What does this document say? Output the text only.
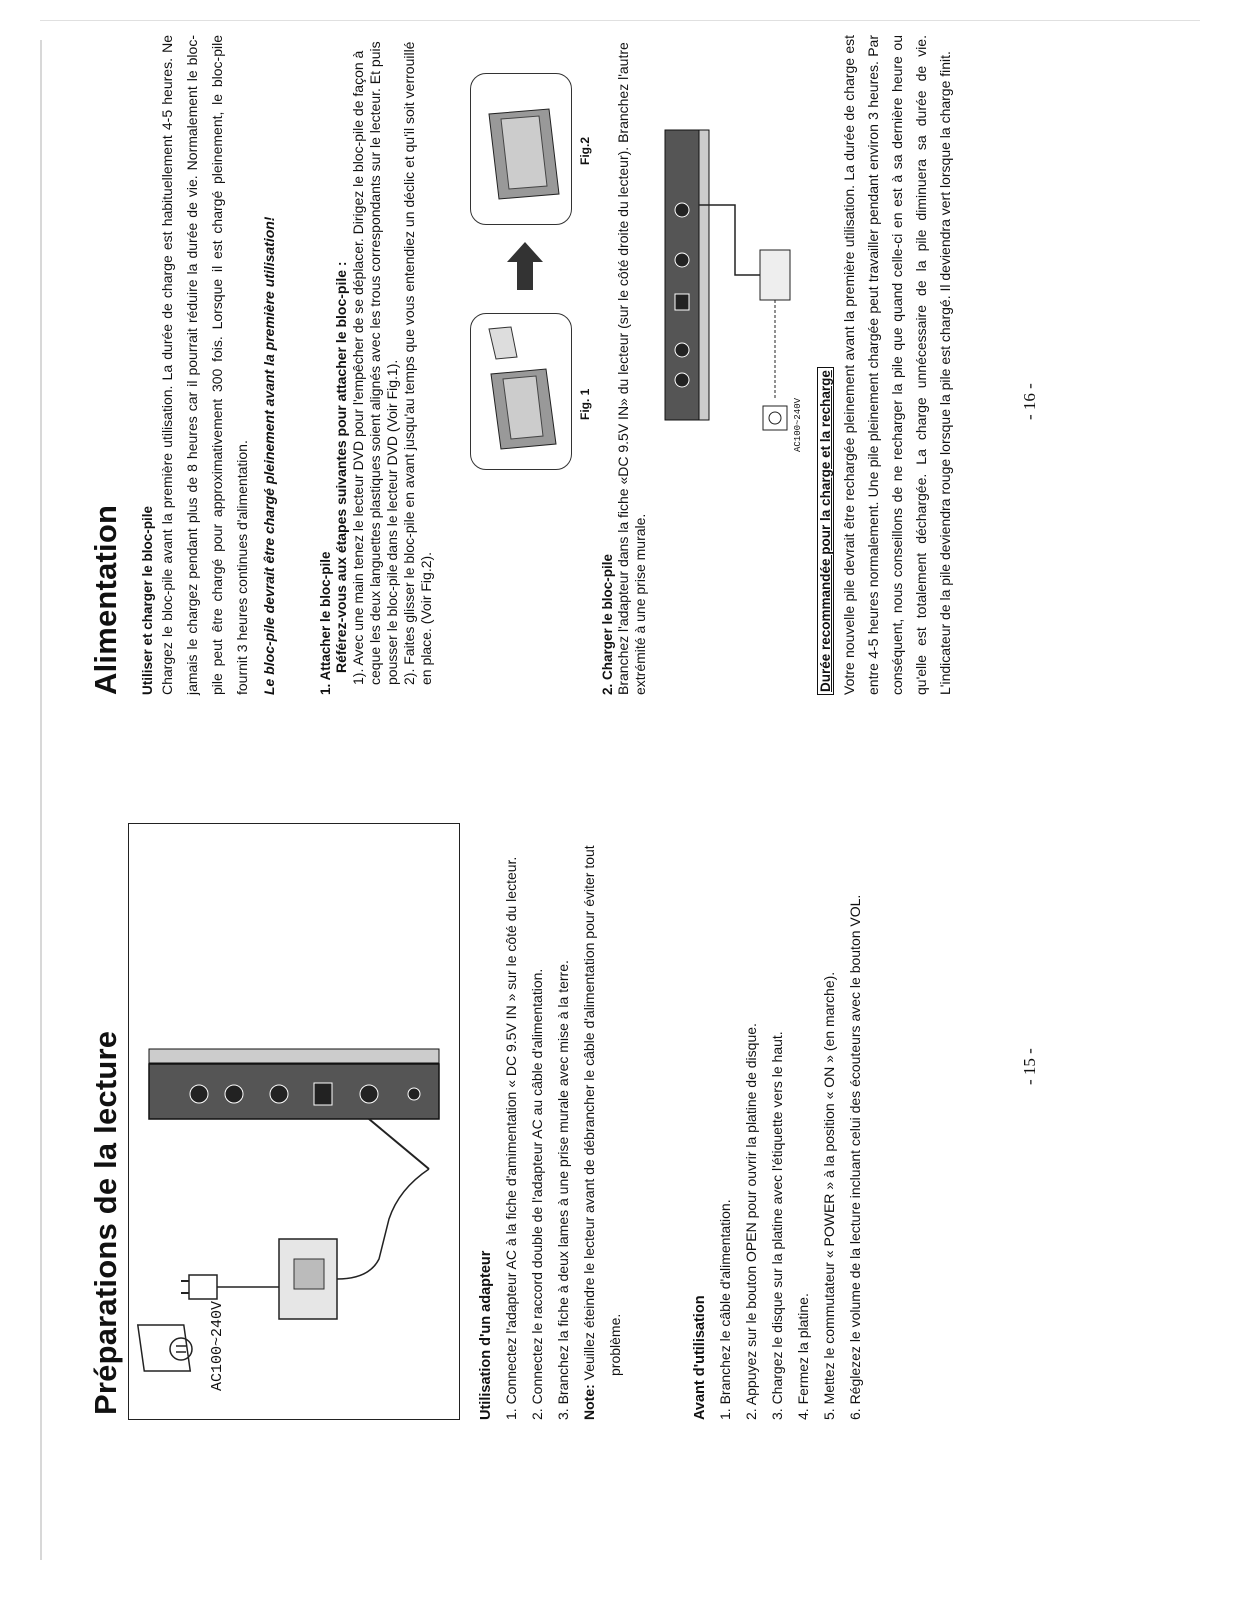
Préparations de la lecture	AC100~240V	Utilisation d'un adapteur 1. Connectez l'adapteur AC à la fiche d'amimentation « DC 9.5V IN » sur le côté du lecteur. 2. Connectez le raccord double de l'adapteur AC au câble d'alimentation. 3. Branchez la fiche à deux lames à une prise murale avec mise à la terre. Note: Veuillez éteindre le lecteur avant de débrancher le câble d'alimentation pour éviter tout problème.	Avant d'utilisation 1. Branchez le câble d'alimentation. 2. Appuyez sur le bouton OPEN pour ouvrir la platine de disque. 3. Chargez le disque sur la platine avec l'étiquette vers le haut. 4. Fermez la platine. 5. Mettez le commutateur « POWER » à la position « ON » (en marche). 6. Réglezez le volume de la lecture incluant celui des écouteurs avec le bouton VOL.	- 15 -
Alimentation Utiliser et charger le bloc-pile Chargez le bloc-pile avant la première utilisation. La durée de charge est habituellement 4-5 heures. Ne jamais le chargez pendant plus de 8 heures car il pourrait réduire la durée de vie. Normalement le bloc-pile peut être chargé pour approximativement 300 fois. Lorsque il est chargé pleinement, le bloc-pile fournit 3 heures continues d'alimentation. Le bloc-pile devrait être chargé pleinement avant la première utilisation!	1. Attacher le bloc-pile Référez-vous aux étapes suivantes pour attacher le bloc-pile : 1). Avec une main tenez le lecteur DVD pour l'empêcher de se déplacer. Dirigez le bloc-pile de façon à ceque les deux languettes plastiques soient alignés avec les trous correspondants sur le lecteur. Et puis pousser le bloc-pile dans le lecteur DVD (Voir Fig.1). 2). Faites glisser le bloc-pile en avant jusqu'au temps que vous entendiez un déclic et qu'il soit verrouillé en place. (Voir Fig.2).

Fig. 1
Fig.2
2. Charger le bloc-pile Branchez l'adapteur dans la fiche «DC 9.5V IN» du lecteur (sur le côté droite du lecteur). Branchez l'autre extrémité à une prise murale.

AC100~240V Durée recommandée pour la charge et la recharge Votre nouvelle pile devrait être rechargée pleinement avant la première utilisation. La durée de charge est entre 4-5 heures normalement. Une pile pleinement chargée peut travailler pendant environ 3 heures. Par conséquent, nous conseillons de ne recharger la pile que quand celle-ci en est à sa dernière heure ou qu'elle est totalement déchargée. La charge unnécessaire de la pile diminuera sa durée de vie. L'indicateur de la pile deviendra rouge lorsque la pile est chargé. Il deviendra vert lorsque la charge finit.	- 16 -
